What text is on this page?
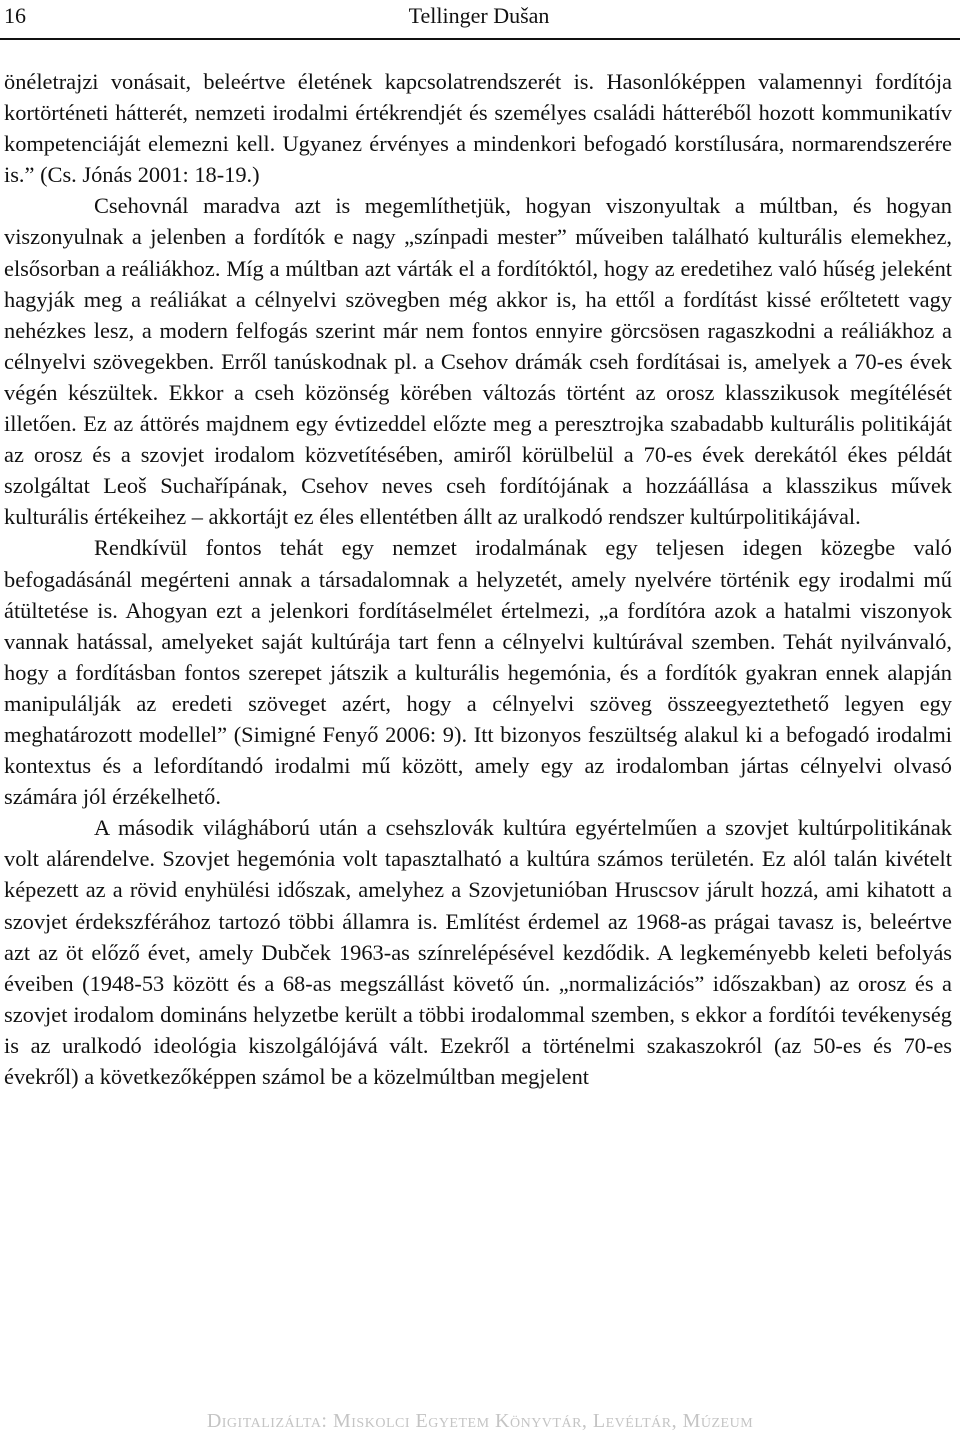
16	Tellinger Dušan

önéletrajzi vonásait, beleértve életének kapcsolatrendszerét is. Hasonlóképpen valamennyi fordítója kortörténeti hátterét, nemzeti irodalmi értékrendjét és személyes családi hátteréből hozott kommunikatív kompetenciáját elemezni kell. Ugyanez érvényes a mindenkori befogadó korstílusára, normarendszerére is.” (Cs. Jónás 2001: 18-19.)

Csehovnál maradva azt is megemlíthetjük, hogyan viszonyultak a múltban, és hogyan viszonyulnak a jelenben a fordítók e nagy „színpadi mester” műveiben található kulturális elemekhez, elsősorban a reáliákhoz. Míg a múltban azt várták el a fordítóktól, hogy az eredetihez való hűség jeleként hagyják meg a reáliákat a célnyelvi szövegben még akkor is, ha ettől a fordítást kissé erőltetett vagy nehézkes lesz, a modern felfogás szerint már nem fontos ennyire görcsösen ragaszkodni a reáliákhoz a célnyelvi szövegekben. Erről tanúskodnak pl. a Csehov drámák cseh fordításai is, amelyek a 70-es évek végén készültek. Ekkor a cseh közönség körében változás történt az orosz klasszikusok megítélését illetően. Ez az áttörés majdnem egy évtizeddel előzte meg a peresztrojka szabadabb kulturális politikáját az orosz és a szovjet irodalom közvetítésében, amiről körülbelül a 70-es évek derekától ékes példát szolgáltat Leoš Suchařípának, Csehov neves cseh fordítójának a hozzáállása a klasszikus művek kulturális értékeihez – akkortájt ez éles ellentétben állt az uralkodó rendszer kultúrpolitikájával.

Rendkívül fontos tehát egy nemzet irodalmának egy teljesen idegen közegbe való befogadásánál megérteni annak a társadalomnak a helyzetét, amely nyelvére történik egy irodalmi mű átültetése is. Ahogyan ezt a jelenkori fordításelmélet értelmezi, „a fordítóra azok a hatalmi viszonyok vannak hatással, amelyeket saját kultúrája tart fenn a célnyelvi kultúrával szemben. Tehát nyilvánvaló, hogy a fordításban fontos szerepet játszik a kulturális hegemónia, és a fordítók gyakran ennek alapján manipulálják az eredeti szöveget azért, hogy a célnyelvi szöveg összeegyeztethető legyen egy meghatározott modellel” (Simigné Fenyő 2006: 9). Itt bizonyos feszültség alakul ki a befogadó irodalmi kontextus és a lefordítandó irodalmi mű között, amely egy az irodalomban jártas célnyelvi olvasó számára jól érzékelhető.

A második világháború után a csehszlovák kultúra egyértelműen a szovjet kultúrpolitikának volt alárendelve. Szovjet hegemónia volt tapasztalható a kultúra számos területén. Ez alól talán kivételt képezett az a rövid enyhülési időszak, amelyhez a Szovjetunióban Hruscsov járult hozzá, ami kihatott a szovjet érdekszférához tartozó többi államra is. Említést érdemel az 1968-as prágai tavasz is, beleértve azt az öt előző évet, amely Dubček 1963-as színrelépésével kezdődik. A legkeményebb keleti befolyás éveiben (1948-53 között és a 68-as megszállást követő ún. „normalizációs” időszakban) az orosz és a szovjet irodalom domináns helyzetbe került a többi irodalommal szemben, s ekkor a fordítói tevékenység is az uralkodó ideológia kiszolgálójává vált. Ezekről a történelmi szakaszokról (az 50-es és 70-es évekről) a következőképpen számol be a közelmúltban megjelent

Digitalizálta: Miskolci Egyetem Könyvtár, Levéltár, Múzeum
